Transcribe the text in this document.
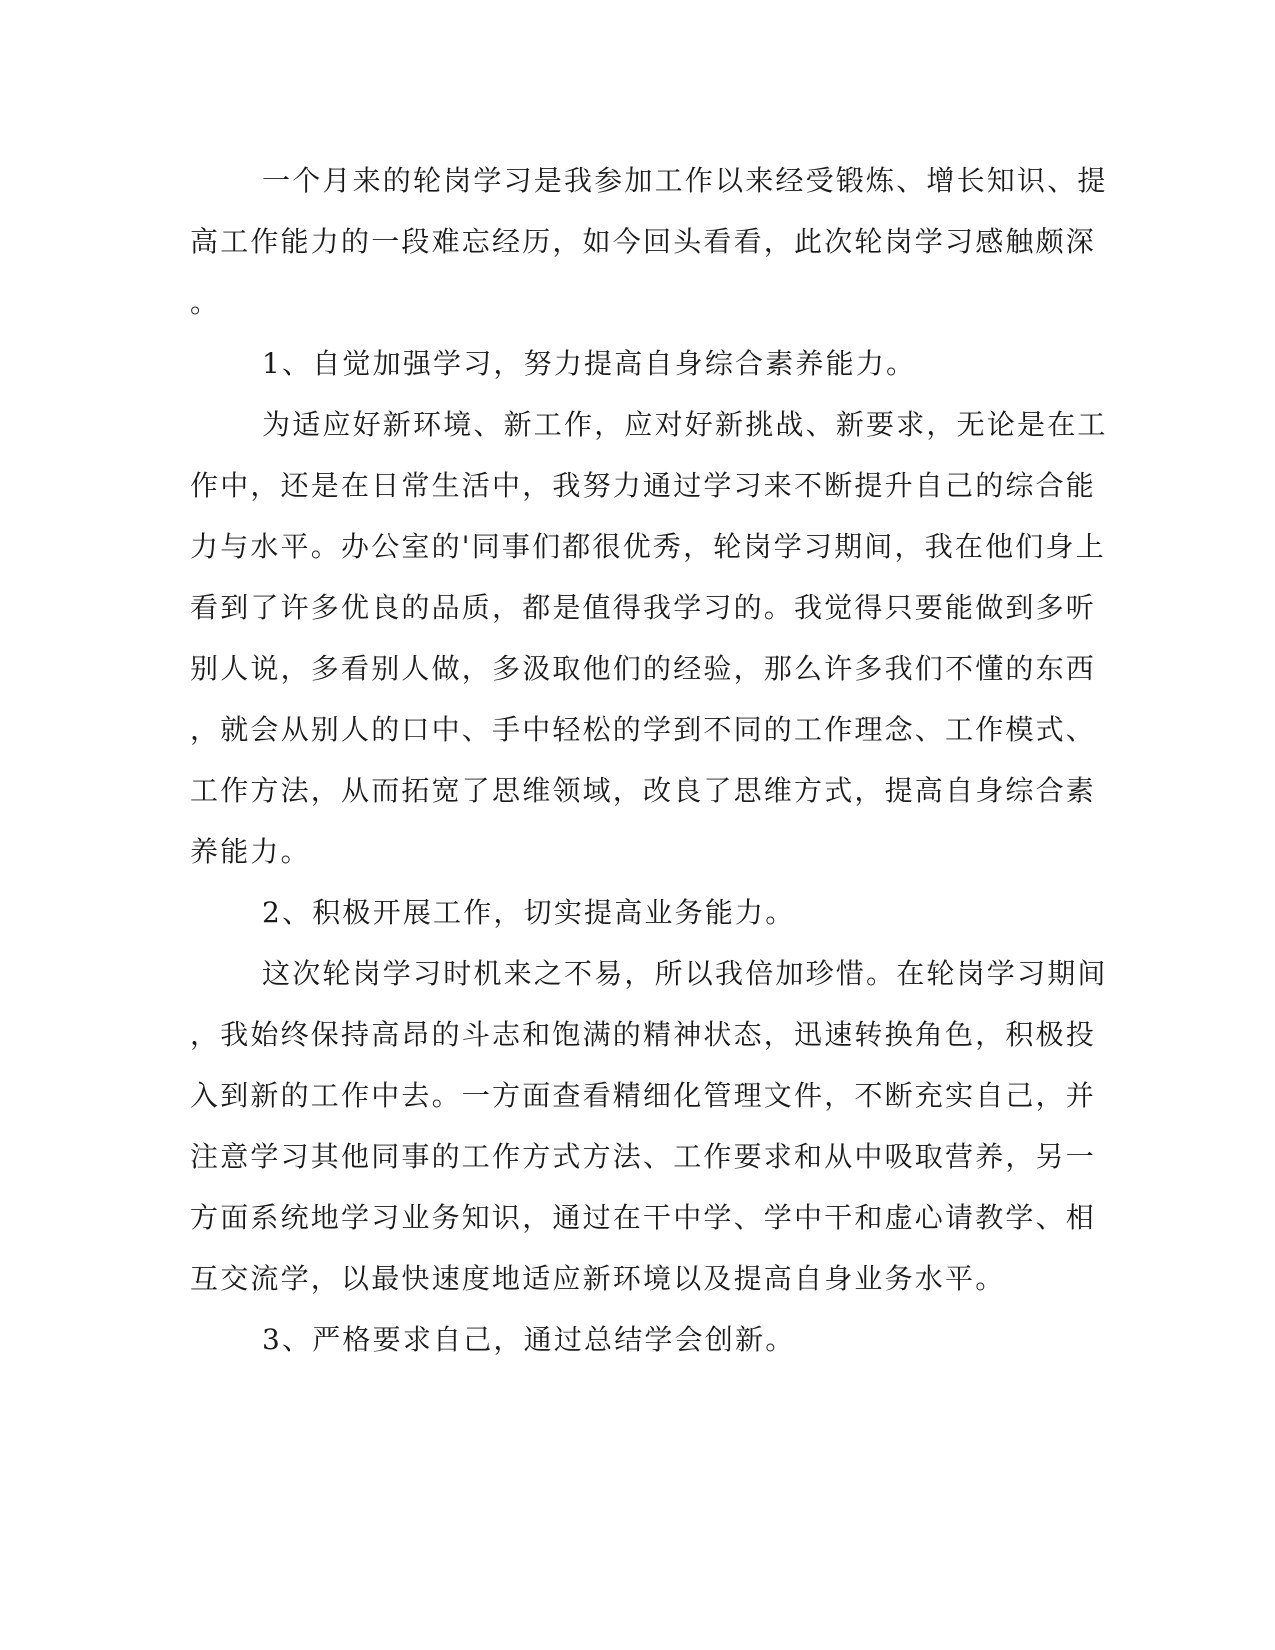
一个月来的轮岗学习是我参加工作以来经受锻炼、增长知识、提
高工作能力的一段难忘经历，如今回头看看，此次轮岗学习感触颇深
。
1、自觉加强学习，努力提高自身综合素养能力。
为适应好新环境、新工作，应对好新挑战、新要求，无论是在工
作中，还是在日常生活中，我努力通过学习来不断提升自己的综合能
力与水平。办公室的'同事们都很优秀，轮岗学习期间，我在他们身上
看到了许多优良的品质，都是值得我学习的。我觉得只要能做到多听
别人说，多看别人做，多汲取他们的经验，那么许多我们不懂的东西
，就会从别人的口中、手中轻松的学到不同的工作理念、工作模式、
工作方法，从而拓宽了思维领域，改良了思维方式，提高自身综合素
养能力。
2、积极开展工作，切实提高业务能力。
这次轮岗学习时机来之不易，所以我倍加珍惜。在轮岗学习期间
，我始终保持高昂的斗志和饱满的精神状态，迅速转换角色，积极投
入到新的工作中去。一方面查看精细化管理文件，不断充实自己，并
注意学习其他同事的工作方式方法、工作要求和从中吸取营养，另一
方面系统地学习业务知识，通过在干中学、学中干和虚心请教学、相
互交流学，以最快速度地适应新环境以及提高自身业务水平。
3、严格要求自己，通过总结学会创新。
